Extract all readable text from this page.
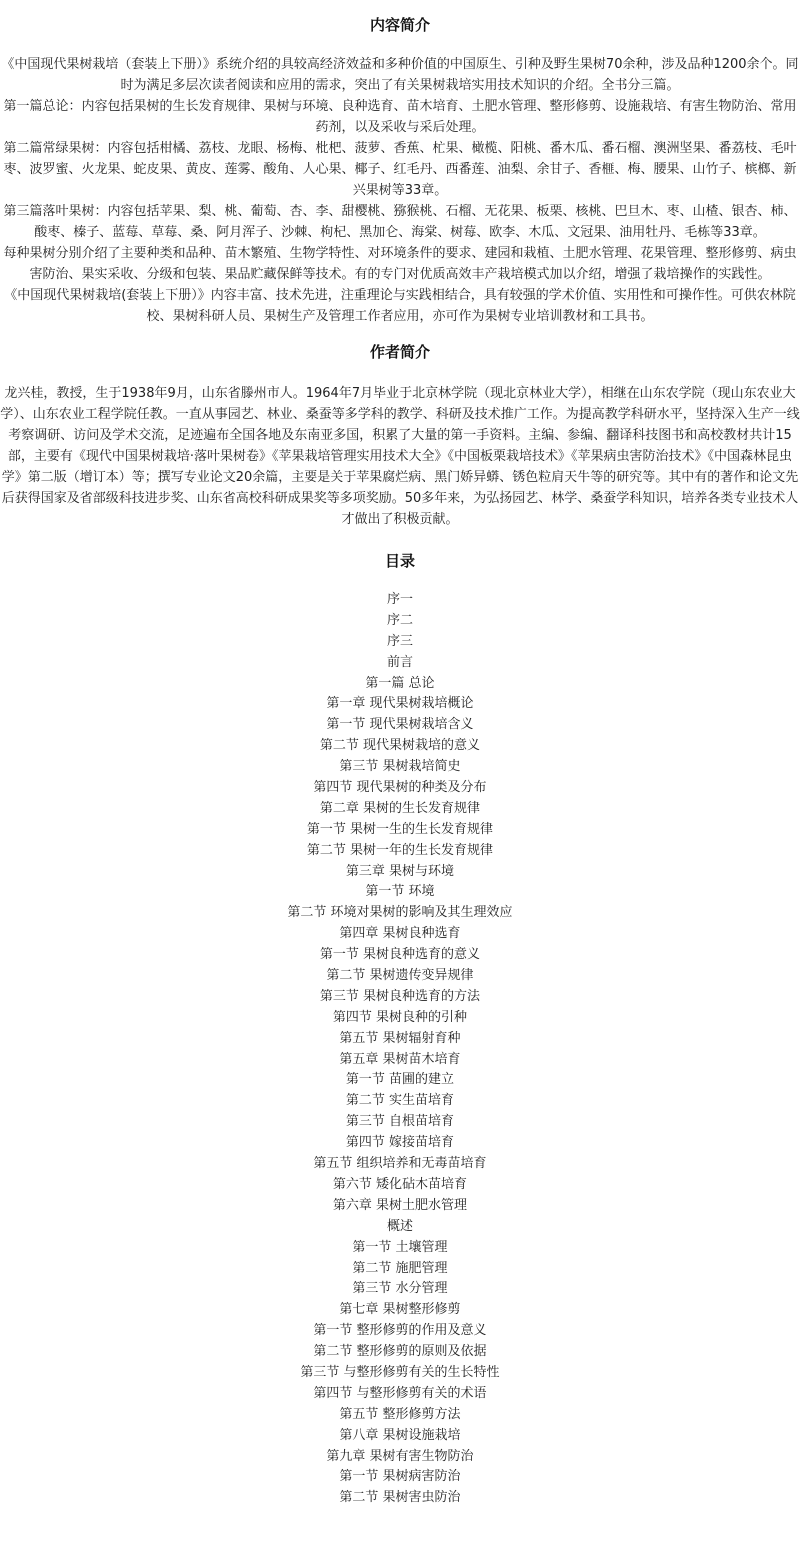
内容简介

《中国现代果树栽培（套装上下册）》系统介绍的具较高经济效益和多种价值的中国原生、引种及野生果树70余种，涉及品种1200余个。同时为满足多层次读者阅读和应用的需求，突出了有关果树栽培实用技术知识的介绍。全书分三篇。

第一篇总论：内容包括果树的生长发育规律、果树与环境、良种选育、苗木培育、土肥水管理、整形修剪、设施栽培、有害生物防治、常用药剂，以及采收与采后处理。

第二篇常绿果树：内容包括柑橘、荔枝、龙眼、杨梅、枇杷、菠萝、香蕉、杧果、橄榄、阳桃、番木瓜、番石榴、澳洲坚果、番荔枝、毛叶枣、波罗蜜、火龙果、蛇皮果、黄皮、莲雾、酸角、人心果、椰子、红毛丹、西番莲、油梨、余甘子、香榧、梅、腰果、山竹子、槟榔、新兴果树等33章。

第三篇落叶果树：内容包括苹果、梨、桃、葡萄、杏、李、甜樱桃、猕猴桃、石榴、无花果、板栗、核桃、巴旦木、枣、山楂、银杏、柿、酸枣、榛子、蓝莓、草莓、桑、阿月浑子、沙棘、枸杞、黑加仑、海棠、树莓、欧李、木瓜、文冠果、油用牡丹、毛栋等33章。

每种果树分别介绍了主要种类和品种、苗木繁殖、生物学特性、对环境条件的要求、建园和栽植、土肥水管理、花果管理、整形修剪、病虫害防治、果实采收、分级和包装、果品贮藏保鲜等技术。有的专门对优质高效丰产栽培模式加以介绍，增强了栽培操作的实践性。

《中国现代果树栽培(套装上下册）》内容丰富、技术先进，注重理论与实践相结合，具有较强的学术价值、实用性和可操作性。可供农林院校、果树科研人员、果树生产及管理工作者应用，亦可作为果树专业培训教材和工具书。

作者简介

龙兴桂，教授，生于1938年9月，山东省滕州市人。1964年7月毕业于北京林学院（现北京林业大学），相继在山东农学院（现山东农业大学）、山东农业工程学院任教。一直从事园艺、林业、桑蚕等多学科的教学、科研及技术推广工作。为提高教学科研水平，坚持深入生产一线考察调研、访问及学术交流，足迹遍布全国各地及东南亚多国，积累了大量的第一手资料。主编、参编、翻译科技图书和高校教材共计15部，主要有《现代中国果树栽培·落叶果树卷》《苹果栽培管理实用技术大全》《中国板栗栽培技术》《苹果病虫害防治技术》《中国森林昆虫学》第二版（增订本）等；撰写专业论文20余篇，主要是关于苹果腐烂病、黑门娇异蟒、锈色粒肩天牛等的研究等。其中有的著作和论文先后获得国家及省部级科技进步奖、山东省高校科研成果奖等多项奖励。50多年来，为弘扬园艺、林学、桑蚕学科知识，培养各类专业技术人才做出了积极贡献。

目录
序一
序二
序三
前言
第一篇 总论
第一章 现代果树栽培概论
第一节 现代果树栽培含义
第二节 现代果树栽培的意义
第三节 果树栽培简史
第四节 现代果树的种类及分布
第二章 果树的生长发育规律
第一节 果树一生的生长发育规律
第二节 果树一年的生长发育规律
第三章 果树与环境
第一节 环境
第二节 环境对果树的影响及其生理效应
第四章 果树良种选育
第一节 果树良种选育的意义
第二节 果树遗传变异规律
第三节 果树良种选育的方法
第四节 果树良种的引种
第五节 果树辐射育种
第五章 果树苗木培育
第一节 苗圃的建立
第二节 实生苗培育
第三节 自根苗培育
第四节 嫁接苗培育
第五节 组织培养和无毒苗培育
第六节 矮化砧木苗培育
第六章 果树土肥水管理
概述
第一节 土壤管理
第二节 施肥管理
第三节 水分管理
第七章 果树整形修剪
第一节 整形修剪的作用及意义
第二节 整形修剪的原则及依据
第三节 与整形修剪有关的生长特性
第四节 与整形修剪有关的术语
第五节 整形修剪方法
第八章 果树设施栽培
第九章 果树有害生物防治
第一节 果树病害防治
第二节 果树害虫防治
